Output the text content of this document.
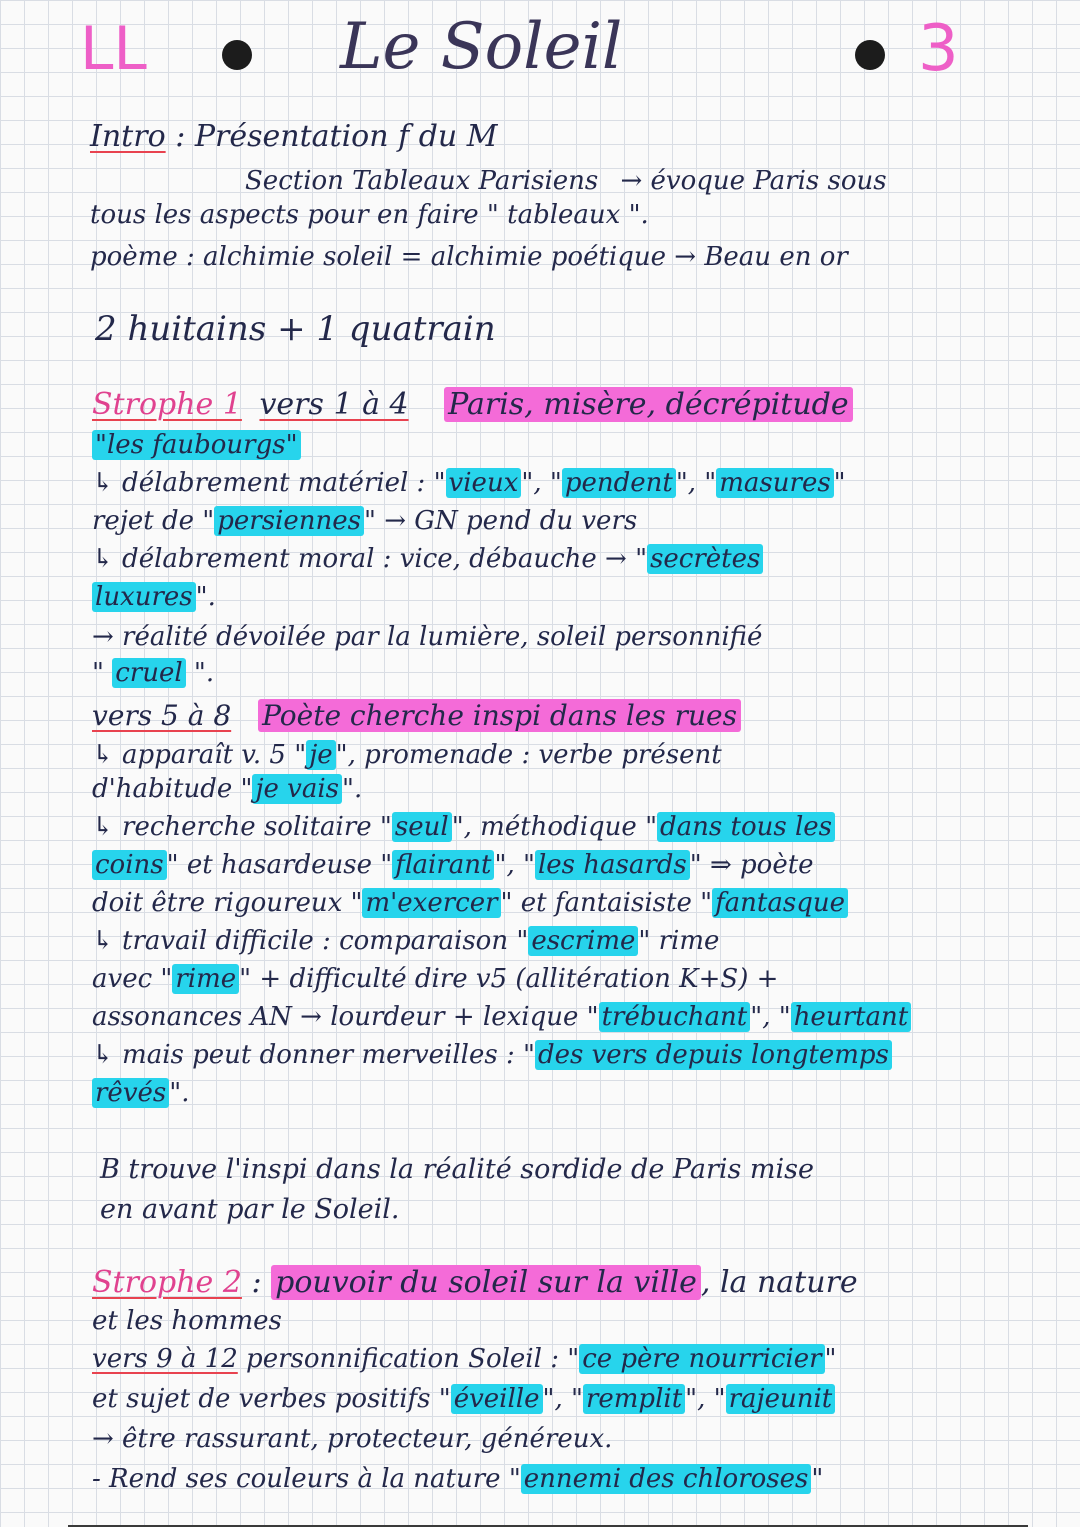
LL	Le Soleil	3
Intro : Présentation f du M
Section Tableaux Parisiens → évoque Paris sous
tous les aspects pour en faire " tableaux ".
poème : alchimie soleil = alchimie poétique → Beau en or
2 huitains + 1 quatrain
Strophe 1 vers 1 à 4 Paris, misère, décrépitude
"les faubourgs"
↳ délabrement matériel : " vieux ", " pendent ", " masures "
rejet de " persiennes " → GN pend du vers
↳ délabrement moral : vice, débauche → " secrètes
luxures ".
→ réalité dévoilée par la lumière, soleil personnifié
" cruel ".
vers 5 à 8 Poète cherche inspi dans les rues
↳ apparaît v. 5 " je ", promenade : verbe présent
d'habitude " je vais ".
↳ recherche solitaire " seul ", méthodique " dans tous les
coins " et hasardeuse " flairant ", " les hasards " ⇒ poète
doit être rigoureux " m'exercer " et fantaisiste " fantasque
↳ travail difficile : comparaison " escrime " rime
avec " rime " + difficulté dire v5 (allitération K+S) +
assonances AN → lourdeur + lexique " trébuchant ", " heurtant
↳ mais peut donner merveilles : " des vers depuis longtemps
rêvés ".
B trouve l'inspi dans la réalité sordide de Paris mise
en avant par le Soleil.
Strophe 2 : pouvoir du soleil sur la ville , la nature
et les hommes
vers 9 à 12 personnification Soleil : " ce père nourricier "
et sujet de verbes positifs " éveille ", " remplit ", " rajeunit
→ être rassurant, protecteur, généreux.
- Rend ses couleurs à la nature " ennemi des chloroses "
